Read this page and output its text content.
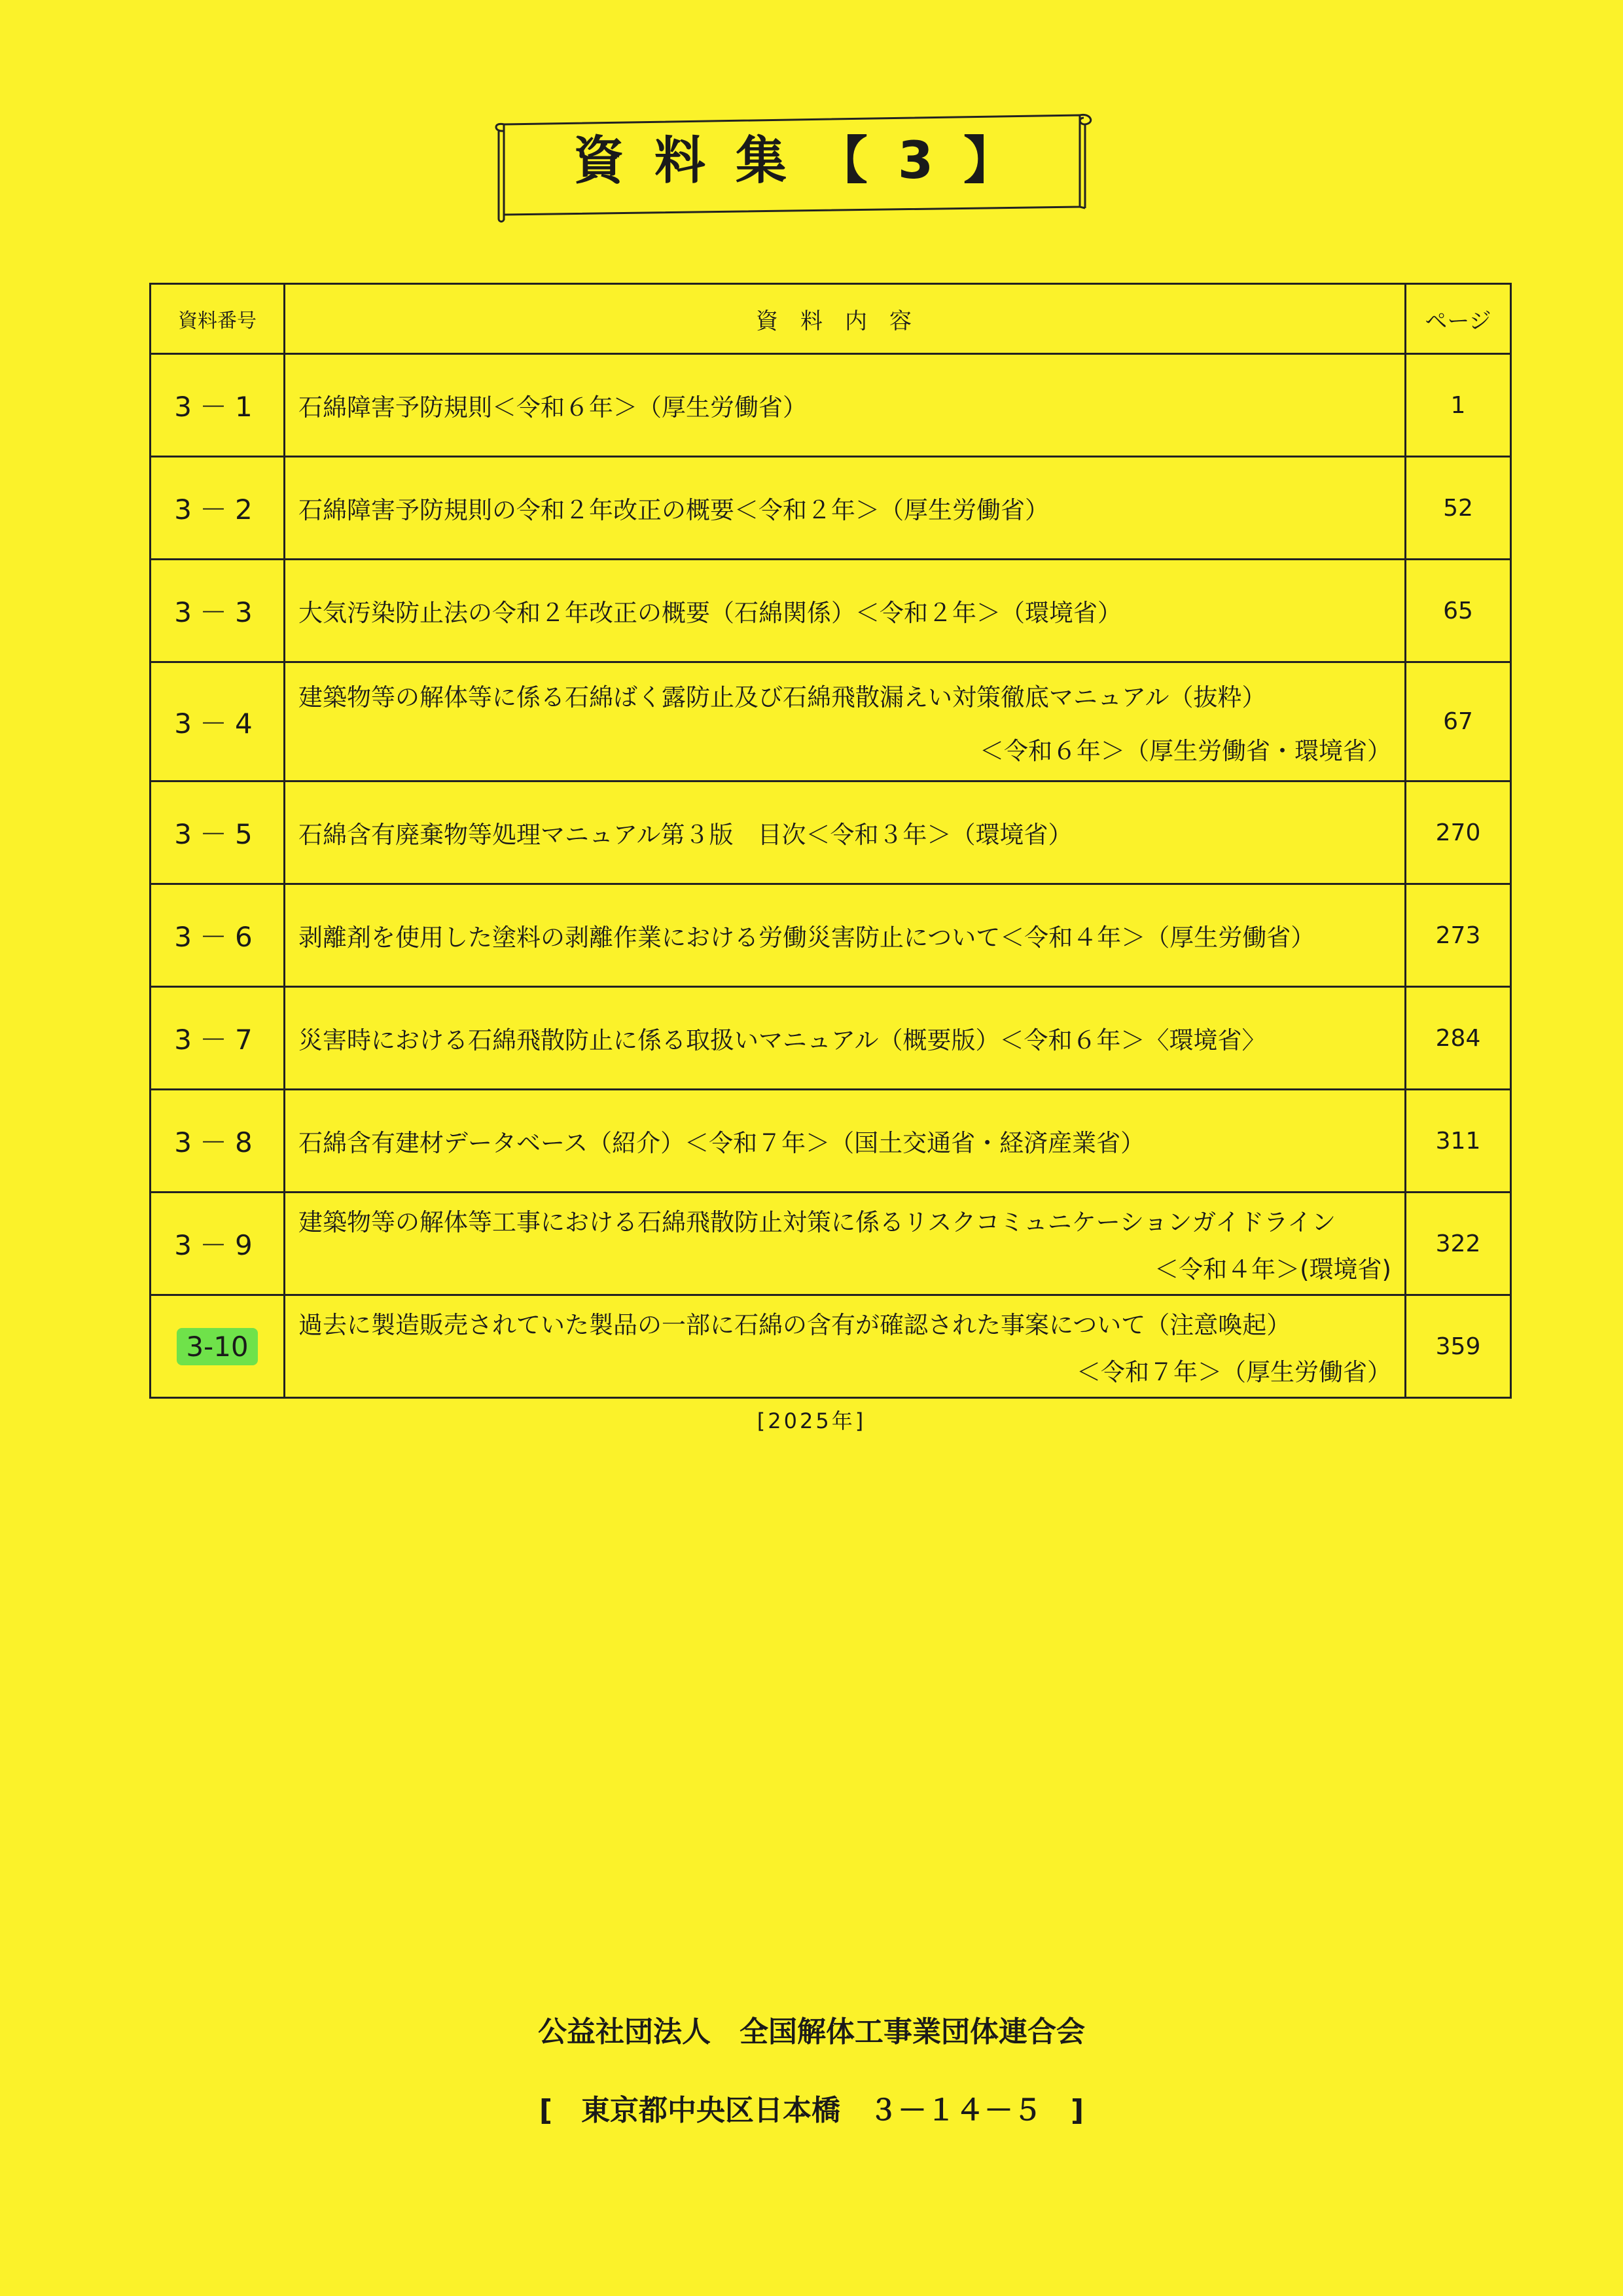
資料集【3】
資料番号	資料内容	ページ
3－1	石綿障害予防規則＜令和６年＞（厚生労働省）	1
3－2	石綿障害予防規則の令和２年改正の概要＜令和２年＞（厚生労働省）	52
3－3	大気汚染防止法の令和２年改正の概要（石綿関係）＜令和２年＞（環境省）	65
3－4	建築物等の解体等に係る石綿ばく露防止及び石綿飛散漏えい対策徹底マニュアル（抜粋）
＜令和６年＞（厚生労働省・環境省）	67
3－5	石綿含有廃棄物等処理マニュアル第３版　目次＜令和３年＞（環境省）	270
3－6	剥離剤を使用した塗料の剥離作業における労働災害防止について＜令和４年＞（厚生労働省）	273
3－7	災害時における石綿飛散防止に係る取扱いマニュアル（概要版）＜令和６年＞〈環境省〉	284
3－8	石綿含有建材データベース（紹介）＜令和７年＞（国土交通省・経済産業省）	311
3－9	建築物等の解体等工事における石綿飛散防止対策に係るリスクコミュニケーションガイドライン
＜令和４年＞(環境省)	322
3-10	過去に製造販売されていた製品の一部に石綿の含有が確認された事案について（注意喚起）
＜令和７年＞（厚生労働省）	359
[2025年]
公益社団法人　全国解体工事業団体連合会
[　東京都中央区日本橋　３－１４－５　]
